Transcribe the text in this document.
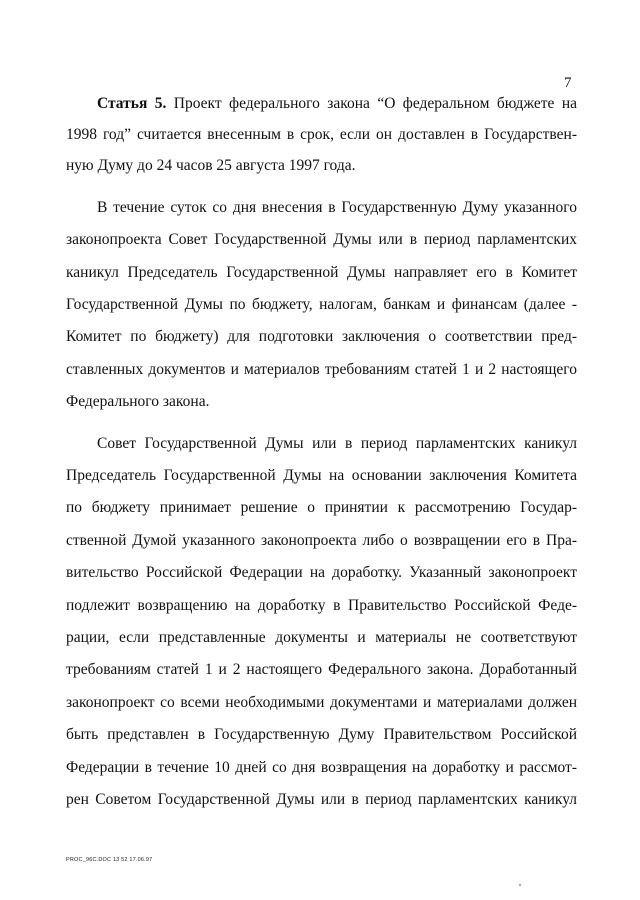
7
Статья 5. Проект федерального закона “О федеральном бюджете на
1998 год” считается внесенным в срок, если он доставлен в Государствен-
ную Думу до 24 часов 25 августа 1997 года.
В течение суток со дня внесения в Государственную Думу указанного
законопроекта Совет Государственной Думы или в период парламентских
каникул Председатель Государственной Думы направляет его в Комитет
Государственной Думы по бюджету, налогам, банкам и финансам (далее -
Комитет по бюджету) для подготовки заключения о соответствии пред-
ставленных документов и материалов требованиям статей 1 и 2 настоящего
Федерального закона.
Совет Государственной Думы или в период парламентских каникул
Председатель Государственной Думы на основании заключения Комитета
по бюджету принимает решение о принятии к рассмотрению Государ-
ственной Думой указанного законопроекта либо о возвращении его в Пра-
вительство Российской Федерации на доработку. Указанный законопроект
подлежит возвращению на доработку в Правительство Российской Феде-
рации, если представленные документы и материалы не соответствуют
требованиям статей 1 и 2 настоящего Федерального закона. Доработанный
законопроект со всеми необходимыми документами и материалами должен
быть представлен в Государственную Думу Правительством Российской
Федерации в течение 10 дней со дня возвращения на доработку и рассмот-
рен Советом Государственной Думы или в период парламентских каникул
PROC_96C.DOC 13 52 17.06.97
